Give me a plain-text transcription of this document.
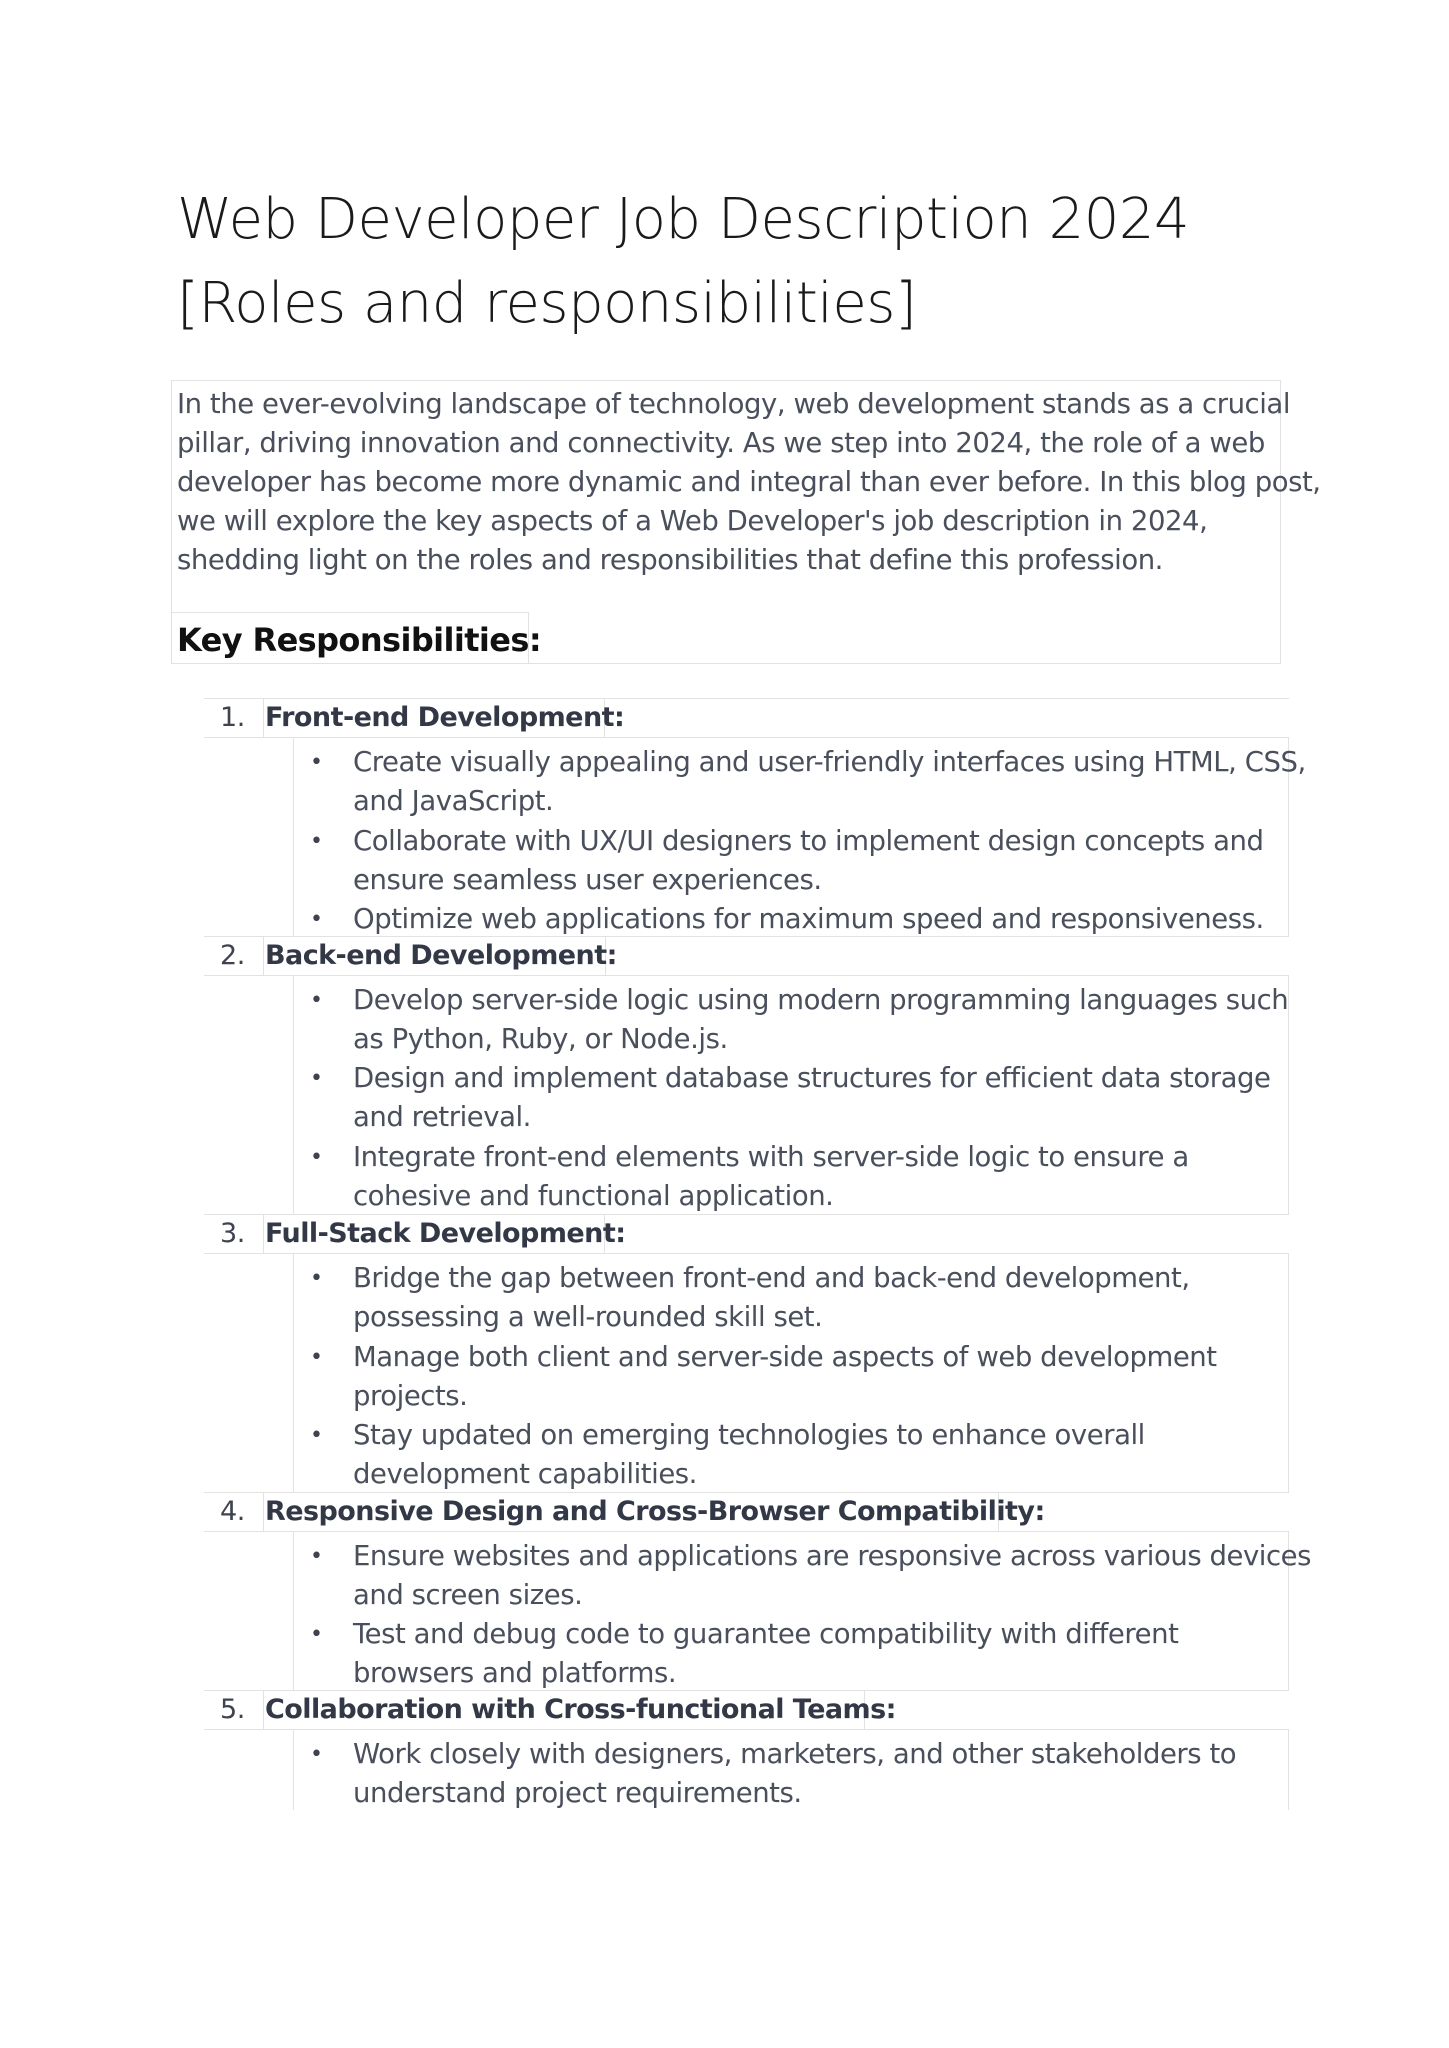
Web Developer Job Description 2024
[Roles and responsibilities]

In the ever-evolving landscape of technology, web development stands as a crucial
pillar, driving innovation and connectivity. As we step into 2024, the role of a web
developer has become more dynamic and integral than ever before. In this blog post,
we will explore the key aspects of a Web Developer's job description in 2024,
shedding light on the roles and responsibilities that define this profession.

Key Responsibilities:
1. Front-end Development:
• Create visually appealing and user-friendly interfaces using HTML, CSS,
and JavaScript.
• Collaborate with UX/UI designers to implement design concepts and
ensure seamless user experiences.
• Optimize web applications for maximum speed and responsiveness.
2. Back-end Development:
• Develop server-side logic using modern programming languages such
as Python, Ruby, or Node.js.
• Design and implement database structures for efficient data storage
and retrieval.
• Integrate front-end elements with server-side logic to ensure a
cohesive and functional application.
3. Full-Stack Development:
• Bridge the gap between front-end and back-end development,
possessing a well-rounded skill set.
• Manage both client and server-side aspects of web development
projects.
• Stay updated on emerging technologies to enhance overall
development capabilities.
4. Responsive Design and Cross-Browser Compatibility:
• Ensure websites and applications are responsive across various devices
and screen sizes.
• Test and debug code to guarantee compatibility with different
browsers and platforms.
5. Collaboration with Cross-functional Teams:
• Work closely with designers, marketers, and other stakeholders to
understand project requirements.
